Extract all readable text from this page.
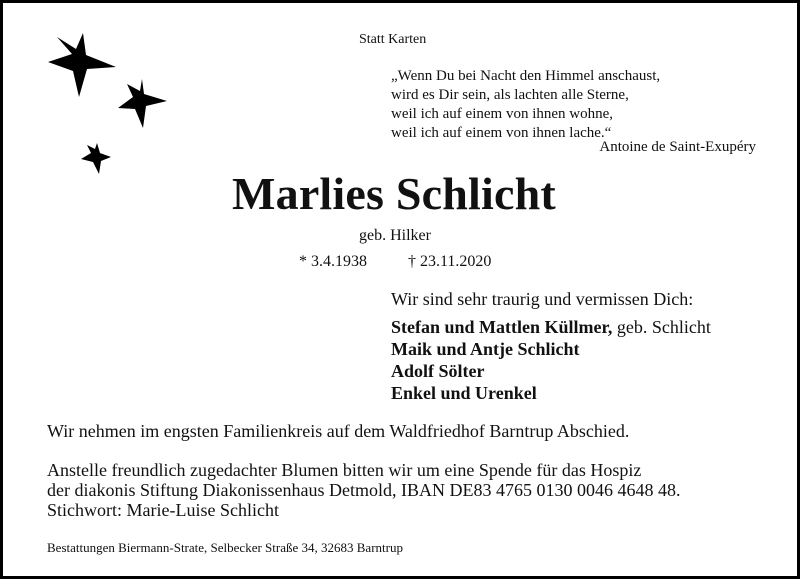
Statt Karten
„Wenn Du bei Nacht den Himmel anschaust,
wird es Dir sein, als lachten alle Sterne,
weil ich auf einem von ihnen wohne,
weil ich auf einem von ihnen lache.“
Antoine de Saint-Exupéry
Marlies Schlicht
geb. Hilker
* 3.4.1938	† 23.11.2020
Wir sind sehr traurig und vermissen Dich:
Stefan und Mattlen Küllmer, geb. Schlicht
Maik und Antje Schlicht
Adolf Sölter
Enkel und Urenkel
Wir nehmen im engsten Familienkreis auf dem Waldfriedhof Barntrup Abschied.
Anstelle freundlich zugedachter Blumen bitten wir um eine Spende für das Hospiz
der diakonis Stiftung Diakonissenhaus Detmold, IBAN DE83 4765 0130 0046 4648 48.
Stichwort: Marie-Luise Schlicht
Bestattungen Biermann-Strate, Selbecker Straße 34, 32683 Barntrup
